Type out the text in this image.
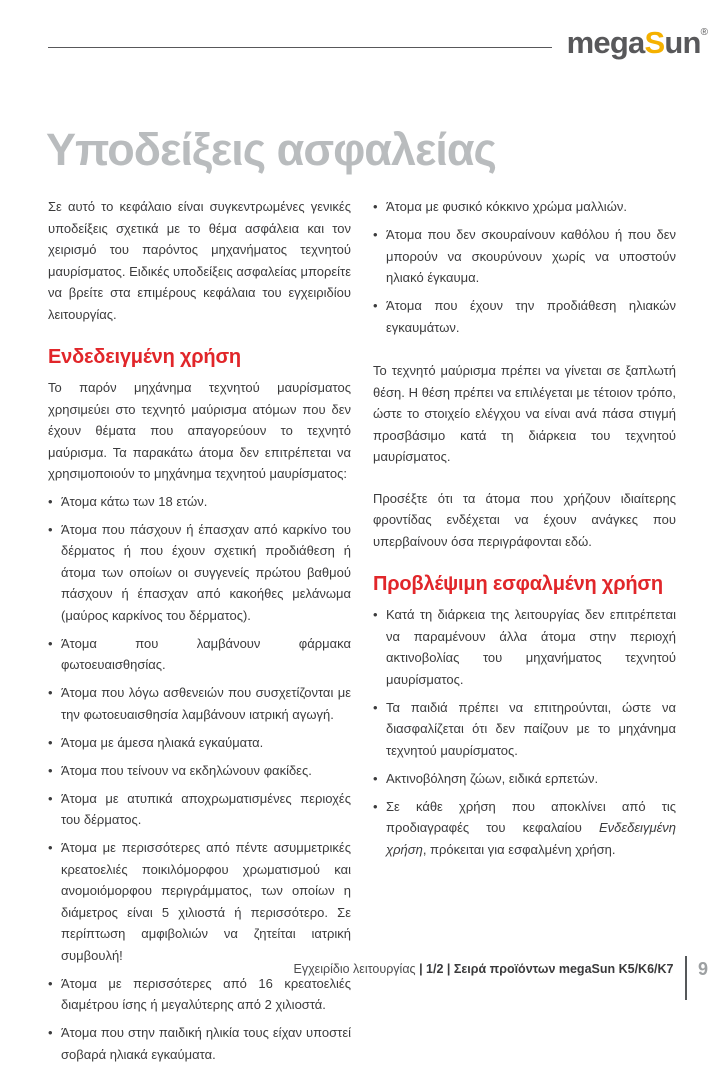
megaSun®
Υποδείξεις ασφαλείας

Σε αυτό το κεφάλαιο είναι συγκεντρωμένες γενικές υποδείξεις σχετικά με το θέμα ασφάλεια και τον χειρισμό του παρόντος μηχανήματος τεχνητού μαυρίσματος. Ειδικές υποδείξεις ασφαλείας μπορείτε να βρείτε στα επιμέρους κεφάλαια του εγχειριδίου λειτουργίας.

Ενδεδειγμένη χρήση

Το παρόν μηχάνημα τεχνητού μαυρίσματος χρησιμεύει στο τεχνητό μαύρισμα ατόμων που δεν έχουν θέματα που απαγορεύουν το τεχνητό μαύρισμα. Τα παρακάτω άτομα δεν επιτρέπεται να χρησιμοποιούν το μηχάνημα τεχνητού μαυρίσματος:

• Άτομα κάτω των 18 ετών.
• Άτομα που πάσχουν ή έπασχαν από καρκίνο του δέρματος ή που έχουν σχετική προδιάθεση ή άτομα των οποίων οι συγγενείς πρώτου βαθμού πάσχουν ή έπασχαν από κακοήθες μελάνωμα (μαύρος καρκίνος του δέρματος).
• Άτομα που λαμβάνουν φάρμακα φωτοευαισθησίας.
• Άτομα που λόγω ασθενειών που συσχετίζονται με την φωτοευαισθησία λαμβάνουν ιατρική αγωγή.
• Άτομα με άμεσα ηλιακά εγκαύματα.
• Άτομα που τείνουν να εκδηλώνουν φακίδες.
• Άτομα με ατυπικά αποχρωματισμένες περιοχές του δέρματος.
• Άτομα με περισσότερες από πέντε ασυμμετρικές κρεατοελιές ποικιλόμορφου χρωματισμού και ανομοιόμορφου περιγράμματος, των οποίων η διάμετρος είναι 5 χιλιοστά ή περισσότερο. Σε περίπτωση αμφιβολιών να ζητείται ιατρική συμβουλή!
• Άτομα με περισσότερες από 16 κρεατοελιές διαμέτρου ίσης ή μεγαλύτερης από 2 χιλιοστά.
• Άτομα που στην παιδική ηλικία τους είχαν υποστεί σοβαρά ηλιακά εγκαύματα.
• Άτομα με φυσικό κόκκινο χρώμα μαλλιών.
• Άτομα που δεν σκουραίνουν καθόλου ή που δεν μπορούν να σκουρύνουν χωρίς να υποστούν ηλιακό έγκαυμα.
• Άτομα που έχουν την προδιάθεση ηλιακών εγκαυμάτων.

Το τεχνητό μαύρισμα πρέπει να γίνεται σε ξαπλωτή θέση. Η θέση πρέπει να επιλέγεται με τέτοιον τρόπο, ώστε το στοιχείο ελέγχου να είναι ανά πάσα στιγμή προσβάσιμο κατά τη διάρκεια του τεχνητού μαυρίσματος.

Προσέξτε ότι τα άτομα που χρήζουν ιδιαίτερης φροντίδας ενδέχεται να έχουν ανάγκες που υπερβαίνουν όσα περιγράφονται εδώ.

Προβλέψιμη εσφαλμένη χρήση
• Κατά τη διάρκεια της λειτουργίας δεν επιτρέπεται να παραμένουν άλλα άτομα στην περιοχή ακτινοβολίας του μηχανήματος τεχνητού μαυρίσματος.
• Τα παιδιά πρέπει να επιτηρούνται, ώστε να διασφαλίζεται ότι δεν παίζουν με το μηχάνημα τεχνητού μαυρίσματος.
• Ακτινοβόληση ζώων, ειδικά ερπετών.
• Σε κάθε χρήση που αποκλίνει από τις προδιαγραφές του κεφαλαίου Ενδεδειγμένη χρήση, πρόκειται για εσφαλμένη χρήση.
Εγχειρίδιο λειτουργίας | 1/2 | Σειρά προϊόντων megaSun K5/K6/K7 9
